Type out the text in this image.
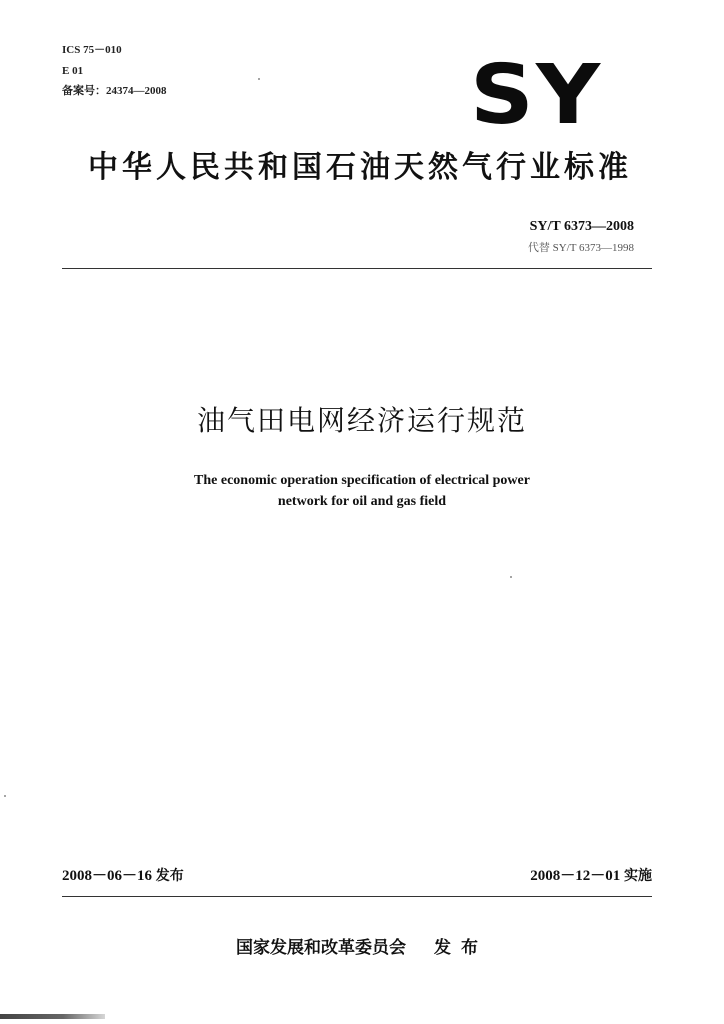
ICS 75－010
E 01
备案号：24374—2008	SY
中华人民共和国石油天然气行业标准
SY/T 6373—2008
代替 SY/T 6373—1998
油气田电网经济运行规范
The economic operation specification of electrical power
network for oil and gas field
2008－06－16 发布	2008－12－01 实施
国家发展和改革委员会 发布
